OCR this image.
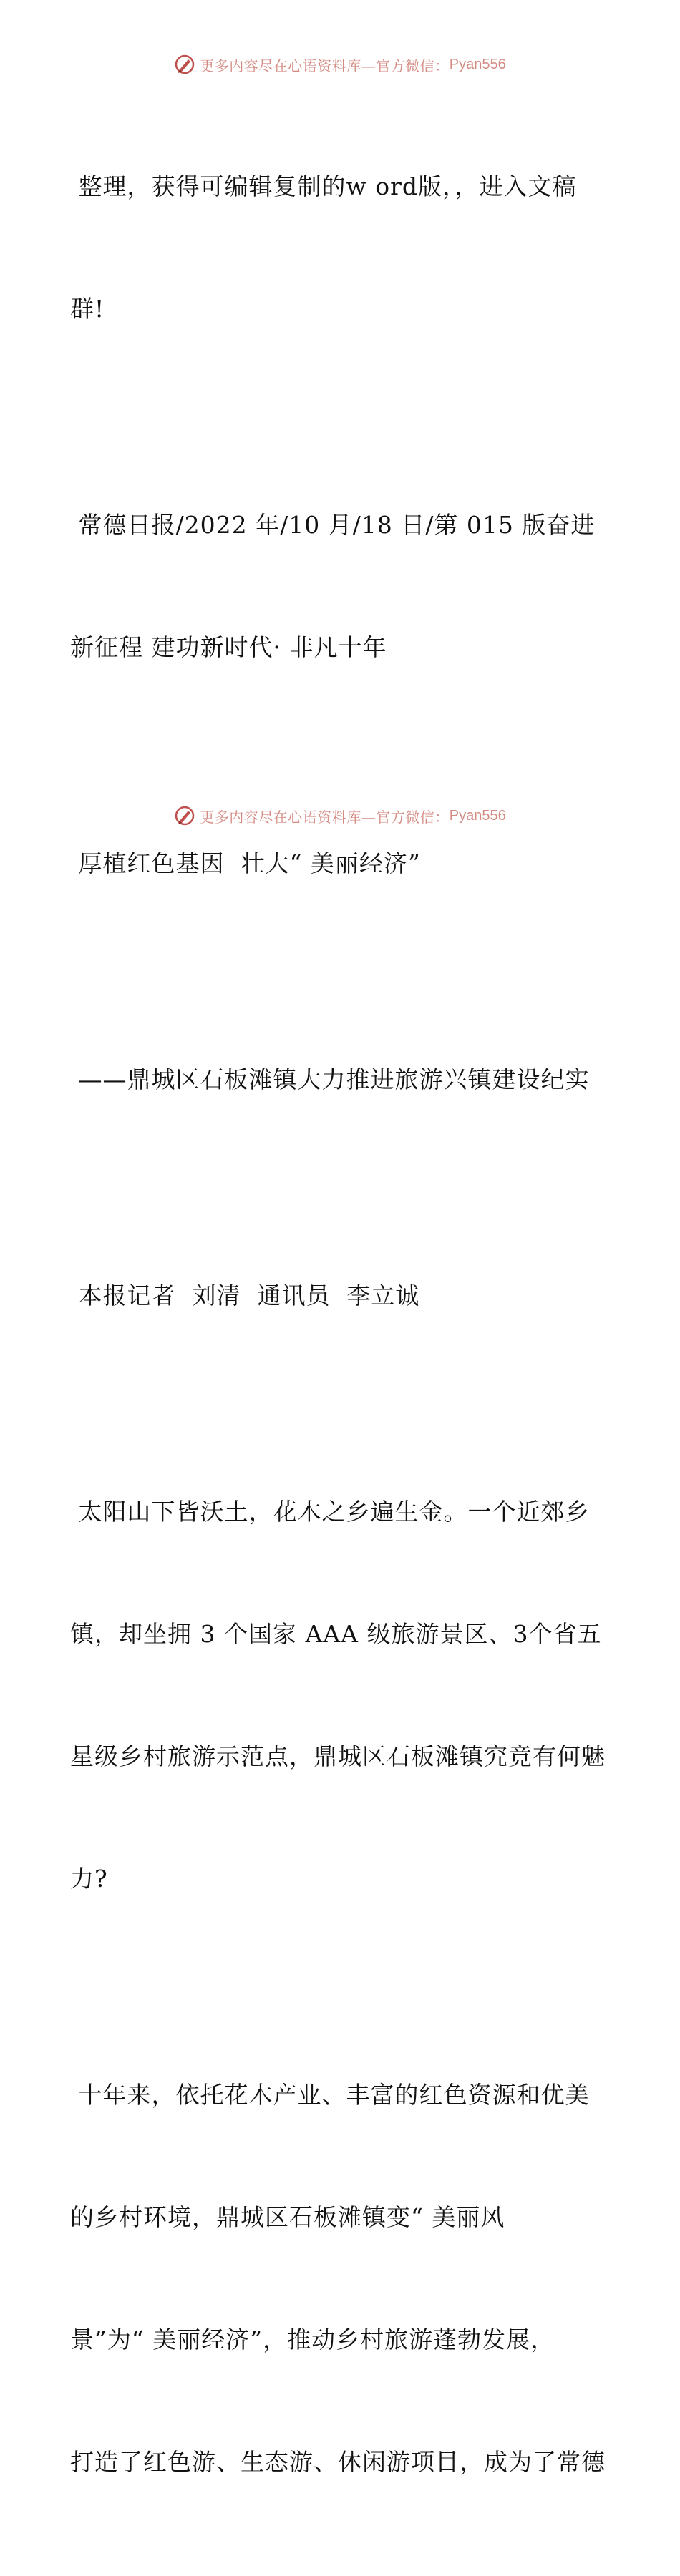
更多内容尽在心语资料库—官方微信： Pyan556

整理，获得可编辑复制的w ord版，，进入文稿

群!

常德日报/2022 年/10 月/18 日/第 015 版奋进

新征程 建功新时代· 非凡十年

厚植红色基因  壮大“ 美丽经济”

——鼎城区石板滩镇大力推进旅游兴镇建设纪实

本报记者  刘清  通讯员  李立诚

太阳山下皆沃土，花木之乡遍生金。一个近郊乡

镇，却坐拥 3 个国家 AAA 级旅游景区、3个省五

星级乡村旅游示范点，鼎城区石板滩镇究竟有何魅

力?

十年来，依托花木产业、丰富的红色资源和优美

的乡村环境，鼎城区石板滩镇变“ 美丽风

景”为“ 美丽经济”，推动乡村旅游蓬勃发展，

打造了红色游、生态游、休闲游项目，成为了常德

更多内容尽在心语资料库—官方微信： Pyan556
